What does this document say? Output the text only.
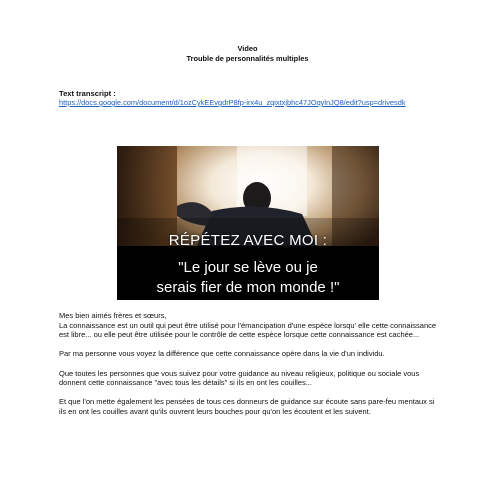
Video
Trouble de personnalités multiples
Text transcript :
https://docs.google.com/document/d/1ozCykEEvgdrP8fp-irx4u_zqixtxjbhc47JOqylnJQ8/edit?usp=drivesdk
RÉPÉTEZ AVEC MOI :
"Le jour se lève ou je
serais fier de mon monde !"

Mes bien aimés frères et sœurs,
La connaissance est un outil qui peut être utilisé pour l'émancipation d'une espèce lorsqu' elle cette connaissance est libre... ou elle peut être utilisée pour le contrôle de cette espèce lorsque cette connaissance est cachée...

Par ma personne vous voyez la différence que cette connaissance opère dans la vie d'un individu.

Que toutes les personnes que vous suivez pour votre guidance au niveau religieux, politique ou sociale vous donnent cette connaissance "avec tous les détails" si ils en ont les couilles...

Et que l'on mette également les pensées de tous ces donneurs de guidance sur écoute sans pare-feu mentaux si ils en ont les couilles avant qu'ils ouvrent leurs bouches pour qu'on les écoutent et les suivent.
